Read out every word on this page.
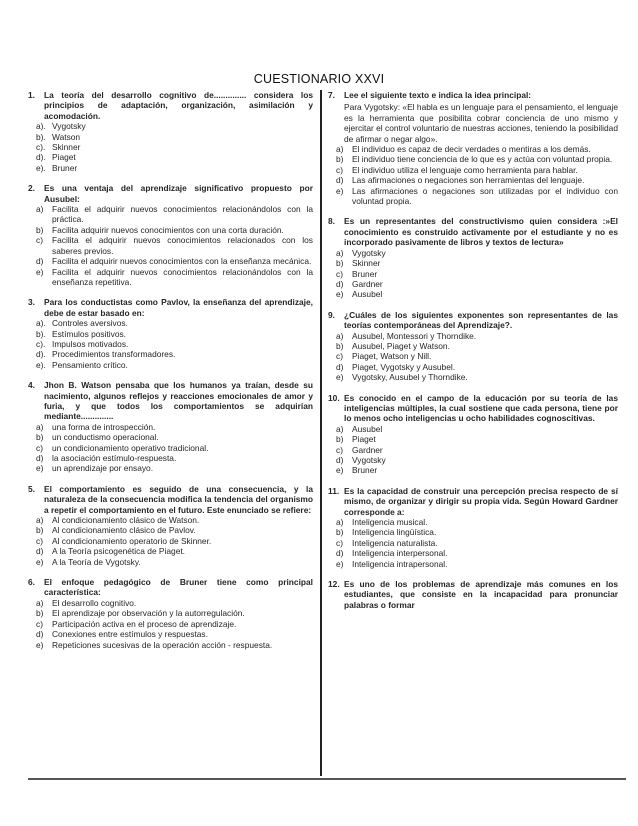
CUESTIONARIO XXVI
1.	La teoría del desarrollo cognitivo de.............. considera los principios de adaptación, organización, asimilación y acomodación.
a). Vygotsky
b). Watson
c). Skinner
d). Piaget
e). Bruner
2.	Es una ventaja del aprendizaje significativo propuesto por Ausubel:
a)	Facilita el adquirir nuevos conocimientos relacionándolos con la práctica.
b)	Facilita adquirir nuevos conocimientos con una corta duración.
c)	Facilita el adquirir nuevos conocimientos relacionados con los saberes previos.
d)	Facilita el adquirir nuevos conocimientos con la enseñanza mecánica.
e)	Facilita el adquirir nuevos conocimientos relacionándolos con la enseñanza repetitiva.
3.	Para los conductistas como Pavlov, la enseñanza del aprendizaje, debe de estar basado en:
a). Controles aversivos.
b). Estímulos positivos.
c). Impulsos motivados.
d). Procedimientos transformadores.
e). Pensamiento crítico.
4.	Jhon B. Watson pensaba que los humanos ya traían, desde su nacimiento, algunos reflejos y reacciones emocionales de amor y furia, y que todos los comportamientos se adquirían mediante..............
a)	una forma de introspección.
b)	un conductismo operacional.
c)	un condicionamiento operativo tradicional.
d)	la asociación estímulo-respuesta.
e)	un aprendizaje por ensayo.
5.	El comportamiento es seguido de una consecuencia, y la naturaleza de la consecuencia modifica la tendencia del organismo a repetir el comportamiento en el futuro. Este enunciado se refiere:
a)	Al condicionamiento clásico de Watson.
b)	Al condicionamiento clásico de Pavlov.
c)	Al condicionamiento operatorio de Skinner.
d)	A la Teoría psicogenética de Piaget.
e)	A la Teoría de Vygotsky.
6.	El enfoque pedagógico de Bruner tiene como principal característica:
a)	El desarrollo cognitivo.
b)	El aprendizaje por observación y la autorregulación.
c)	Participación activa en el proceso de aprendizaje.
d)	Conexiones entre estímulos y respuestas.
e)	Repeticiones sucesivas de la operación acción - respuesta.
7.	Lee el siguiente texto e indica la idea principal:
Para Vygotsky: «El habla es un lenguaje para el pensamiento, el lenguaje es la herramienta que posibilita cobrar conciencia de uno mismo y ejercitar el control voluntario de nuestras acciones, teniendo la posibilidad de afirmar o negar algo».
a)	El individuo es capaz de decir verdades o mentiras a los demás.
b)	El individuo tiene conciencia de lo que es y actúa con voluntad propia.
c)	El individuo utiliza el lenguaje como herramienta para hablar.
d)	Las afirmaciones o negaciones son herramientas del lenguaje.
e)	Las afirmaciones o negaciones son utilizadas por el individuo con voluntad propia.
8.	Es un representantes del constructivismo quien considera :»El conocimiento es construido activamente por el estudiante y no es incorporado pasivamente de libros y textos de lectura»
a)	Vygotsky
b)	Skinner
c)	Bruner
d)	Gardner
e)	Ausubel
9.	¿Cuáles de los siguientes exponentes son representantes de las teorías contemporáneas del Aprendizaje?.
a)	Ausubel, Montessori y Thorndike.
b)	Ausubel, Piaget y Watson.
c)	Piaget, Watson y Nill.
d)	Piaget, Vygotsky y Ausubel.
e)	Vygotsky, Ausubel y Thorndike.
10. Es conocido en el campo de la educación por su teoría de las inteligencias múltiples, la cual sostiene que cada persona, tiene por lo menos ocho inteligencias u ocho habilidades cognoscitivas.
a)	Ausubel
b)	Piaget
c)	Gardner
d)	Vygotsky
e)	Bruner
11. Es la capacidad de construir una percepción precisa respecto de sí mismo, de organizar y dirigir su propia vida. Según Howard Gardner corresponde a:
a)	Inteligencia musical.
b)	Inteligencia lingüística.
c)	Inteligencia naturalista.
d)	Inteligencia interpersonal.
e)	Inteligencia intrapersonal.
12. Es uno de los problemas de aprendizaje más comunes en los estudiantes, que consiste en la incapacidad para pronunciar palabras o formar
